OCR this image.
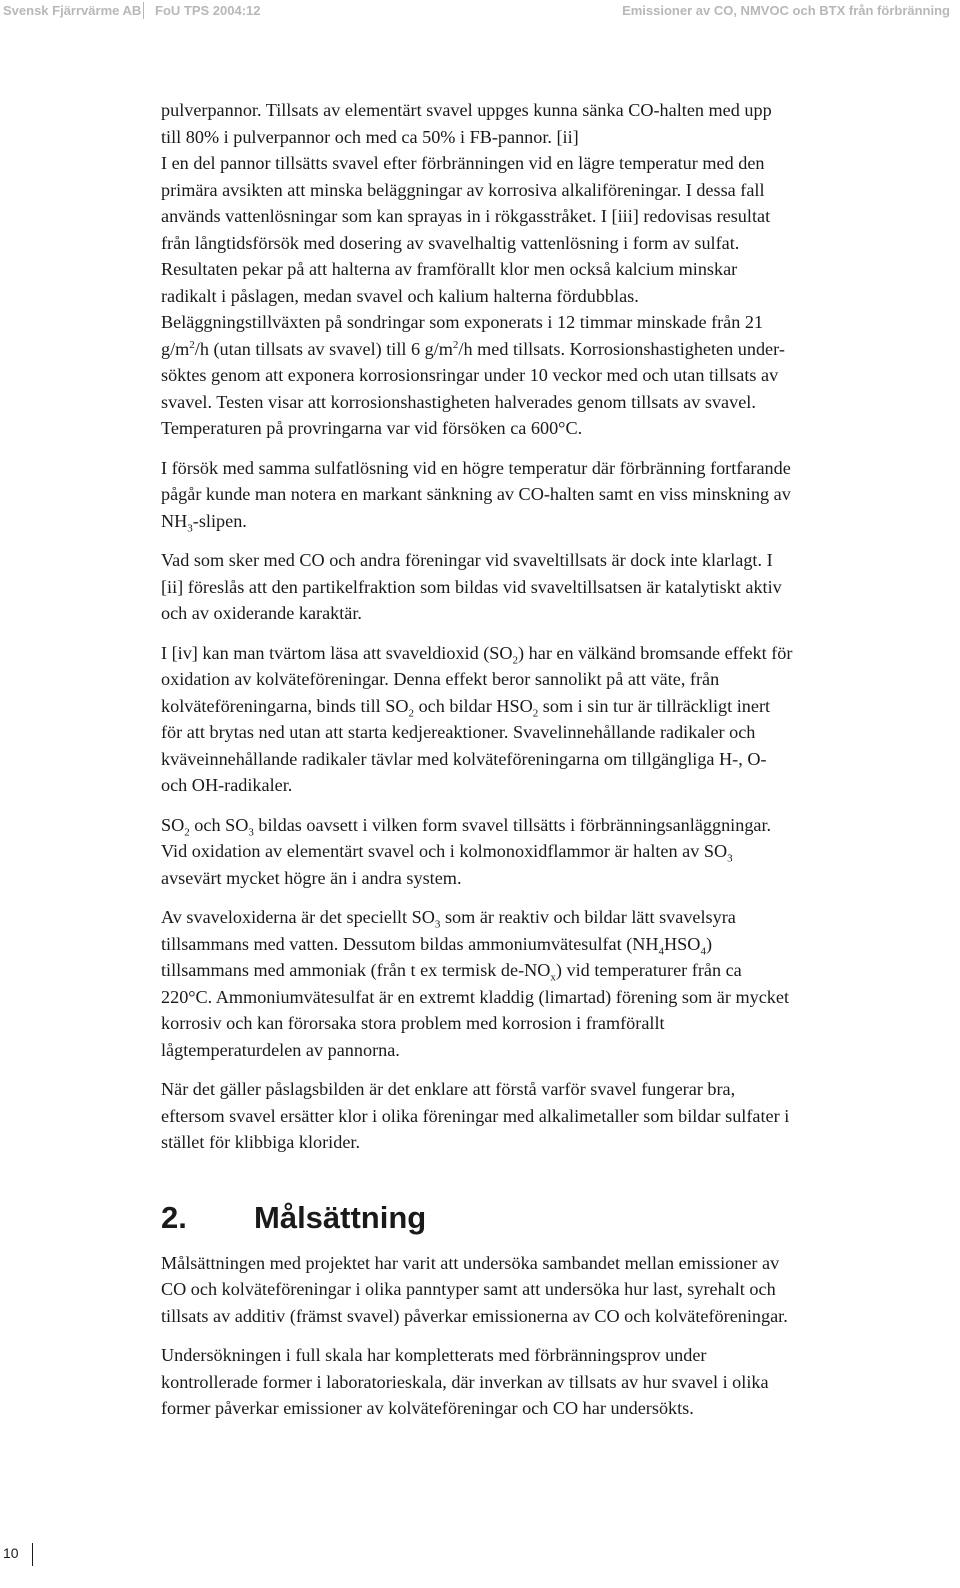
Svensk Fjärrvärme AB FoU TPS 2004:12	Emissioner av CO, NMVOC och BTX från förbränning
pulverpannor. Tillsats av elementärt svavel uppges kunna sänka CO-halten med upp
till 80% i pulverpannor och med ca 50% i FB-pannor. [ii]
I en del pannor tillsätts svavel efter förbränningen vid en lägre temperatur med den
primära avsikten att minska beläggningar av korrosiva alkaliföreningar. I dessa fall
används vattenlösningar som kan sprayas in i rökgasstråket. I [iii] redovisas resultat
från långtidsförsök med dosering av svavelhaltig vattenlösning i form av sulfat.
Resultaten pekar på att halterna av framförallt klor men också kalcium minskar
radikalt i påslagen, medan svavel och kalium halterna fördubblas.
Beläggningstillväxten på sondringar som exponerats i 12 timmar minskade från 21
$g/m^2/h$ (utan tillsats av svavel) till 6 $g/m^2/h$ med tillsats. Korrosionshastigheten under-
söktes genom att exponera korrosionsringar under 10 veckor med och utan tillsats av
svavel. Testen visar att korrosionshastigheten halverades genom tillsats av svavel.
Temperaturen på provringarna var vid försöken ca 600°C.
I försök med samma sulfatlösning vid en högre temperatur där förbränning fortfarande
pågår kunde man notera en markant sänkning av CO-halten samt en viss minskning av
$NH_3$-slipen.
Vad som sker med CO och andra föreningar vid svaveltillsats är dock inte klarlagt. I
[ii] föreslås att den partikelfraktion som bildas vid svaveltillsatsen är katalytiskt aktiv
och av oxiderande karaktär.
I [iv] kan man tvärtom läsa att svaveldioxid $(SO_2)$ har en välkänd bromsande effekt för
oxidation av kolväteföreningar. Denna effekt beror sannolikt på att väte, från
kolväteföreningarna, binds till $SO_2$ och bildar $HSO_2$ som i sin tur är tillräckligt inert
för att brytas ned utan att starta kedjereaktioner. Svavelinnehållande radikaler och
kväveinnehållande radikaler tävlar med kolväteföreningarna om tillgängliga H-, O-
och OH-radikaler.
$SO_2$ och $SO_3$ bildas oavsett i vilken form svavel tillsätts i förbränningsanläggningar.
Vid oxidation av elementärt svavel och i kolmonoxidflammor är halten av $SO_3$
avsevärt mycket högre än i andra system.
Av svaveloxiderna är det speciellt $SO_3$ som är reaktiv och bildar lätt svavelsyra
tillsammans med vatten. Dessutom bildas ammoniumvätesulfat $(NH_4HSO_4)$
tillsammans med ammoniak (från t ex termisk $de-NO_x$) vid temperaturer från ca
220°C. Ammoniumvätesulfat är en extremt kladdig (limartad) förening som är mycket
korrosiv och kan förorsaka stora problem med korrosion i framförallt
lågtemperaturdelen av pannorna.
När det gäller påslagsbilden är det enklare att förstå varför svavel fungerar bra,
eftersom svavel ersätter klor i olika föreningar med alkalimetaller som bildar sulfater i
stället för klibbiga klorider.
2. Målsättning
Målsättningen med projektet har varit att undersöka sambandet mellan emissioner av
CO och kolväteföreningar i olika panntyper samt att undersöka hur last, syrehalt och
tillsats av additiv (främst svavel) påverkar emissionerna av CO och kolväteföreningar.
Undersökningen i full skala har kompletterats med förbränningsprov under
kontrollerade former i laboratorieskala, där inverkan av tillsats av hur svavel i olika
former påverkar emissioner av kolväteföreningar och CO har undersökts.
10
